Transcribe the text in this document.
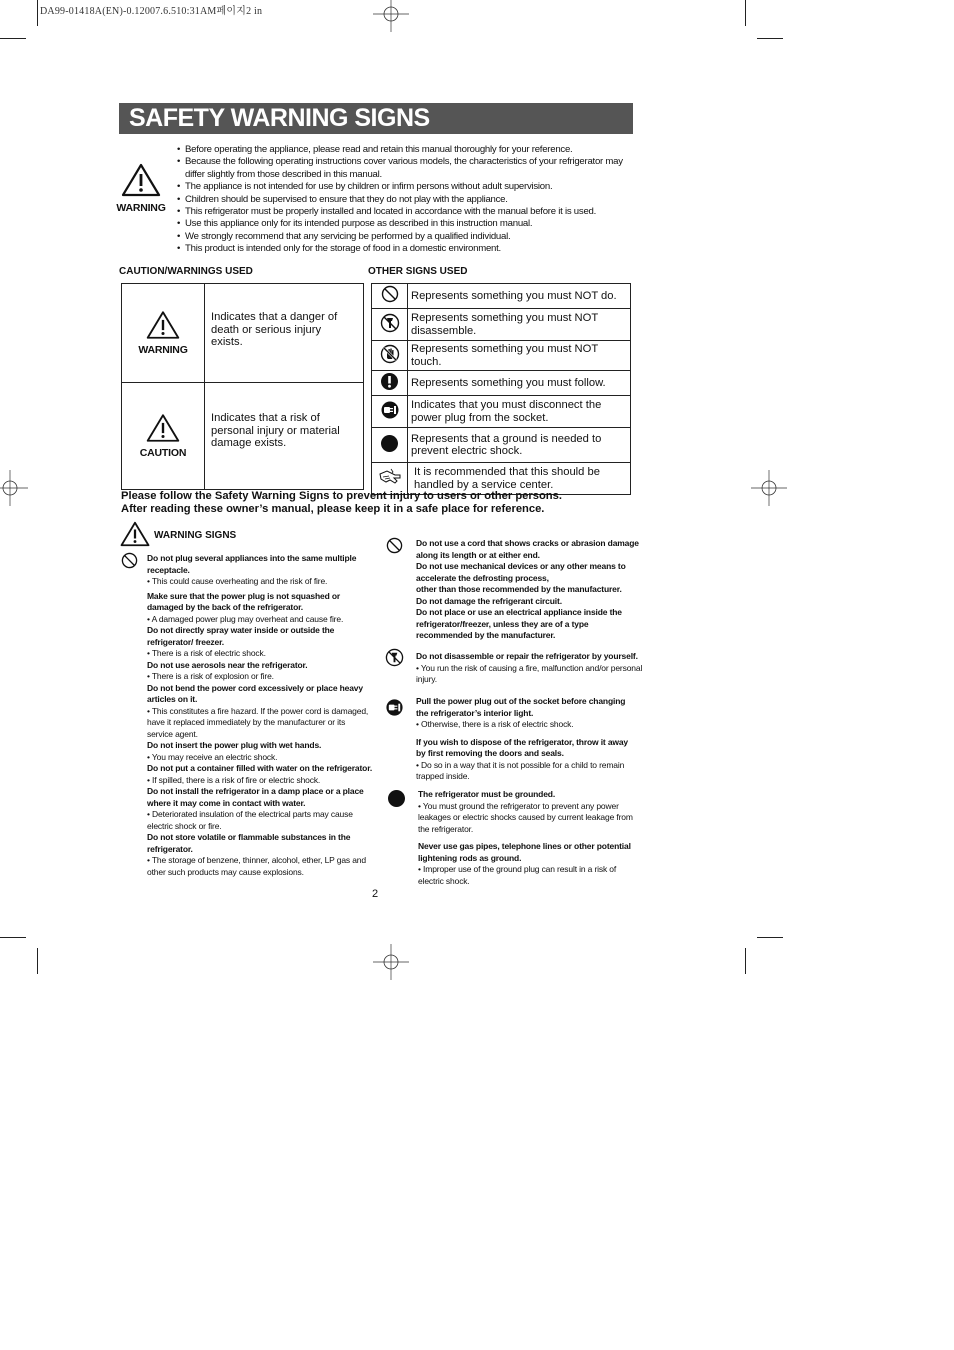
DA99-01418A(EN)-0.12007.6.510:31AM페이지2 in
SAFETY WARNING SIGNS
WARNING
• Before operating the appliance, please read and retain this manual thoroughly for your reference.
• Because the following operating instructions cover various models, the characteristics of your refrigerator may differ slightly from those described in this manual.
• The appliance is not intended for use by children or infirm persons without adult supervision.
• Children should be supervised to ensure that they do not play with the appliance.
• This refrigerator must be properly installed and located in accordance with the manual before it is used.
• Use this appliance only for its intended purpose as described in this instruction manual.
• We strongly recommend that any servicing be performed by a qualified individual.
• This product is intended only for the storage of food in a domestic environment.
CAUTION/WARNINGS USED	OTHER SIGNS USED
WARNING	Indicates that a danger of death or serious injury exists.

CAUTION	Indicates that a risk of personal injury or material damage exists.
	Represents something you must NOT do.
	Represents something you must NOT disassemble.
	Represents something you must NOT touch.
	Represents something you must follow.
	Indicates that you must disconnect the power plug from the socket.
	Represents that a ground is needed to prevent electric shock.
	It is recommended that this should be handled by a service center.
Please follow the Safety Warning Signs to prevent injury to users or other persons.
After reading these owner’s manual, please keep it in a safe place for reference.
WARNING SIGNS
Do not plug several appliances into the same multiple receptacle.
• This could cause overheating and the risk of fire.
Make sure that the power plug is not squashed or damaged by the back of the refrigerator.
• A damaged power plug may overheat and cause fire.
Do not directly spray water inside or outside the refrigerator/ freezer.
• There is a risk of electric shock.
Do not use aerosols near the refrigerator.
• There is a risk of explosion or fire.
Do not bend the power cord excessively or place heavy articles on it.
• This constitutes a fire hazard. If the power cord is damaged, have it replaced immediately by the manufacturer or its service agent.
Do not insert the power plug with wet hands.
• You may receive an electric shock.
Do not put a container filled with water on the refrigerator.
• If spilled, there is a risk of fire or electric shock.
Do not install the refrigerator in a damp place or a place where it may come in contact with water.
• Deteriorated insulation of the electrical parts may cause electric shock or fire.
Do not store volatile or flammable substances in the refrigerator.
• The storage of benzene, thinner, alcohol, ether, LP gas and other such products may cause explosions.
Do not use a cord that shows cracks or abrasion damage along its length or at either end.
Do not use mechanical devices or any other means to accelerate the defrosting process,
other than those recommended by the manufacturer.
Do not damage the refrigerant circuit.
Do not place or use an electrical appliance inside the refrigerator/freezer, unless they are of a type recommended by the manufacturer.
Do not disassemble or repair the refrigerator by yourself.
• You run the risk of causing a fire, malfunction and/or personal injury.
Pull the power plug out of the socket before changing the refrigerator’s interior light.
• Otherwise, there is a risk of electric shock.
If you wish to dispose of the refrigerator, throw it away by first removing the doors and seals.
• Do so in a way that it is not possible for a child to remain trapped inside.
The refrigerator must be grounded.
• You must ground the refrigerator to prevent any power leakages or electric shocks caused by current leakage from the refrigerator.
Never use gas pipes, telephone lines or other potential lightening rods as ground.
• Improper use of the ground plug can result in a risk of electric shock.
2
